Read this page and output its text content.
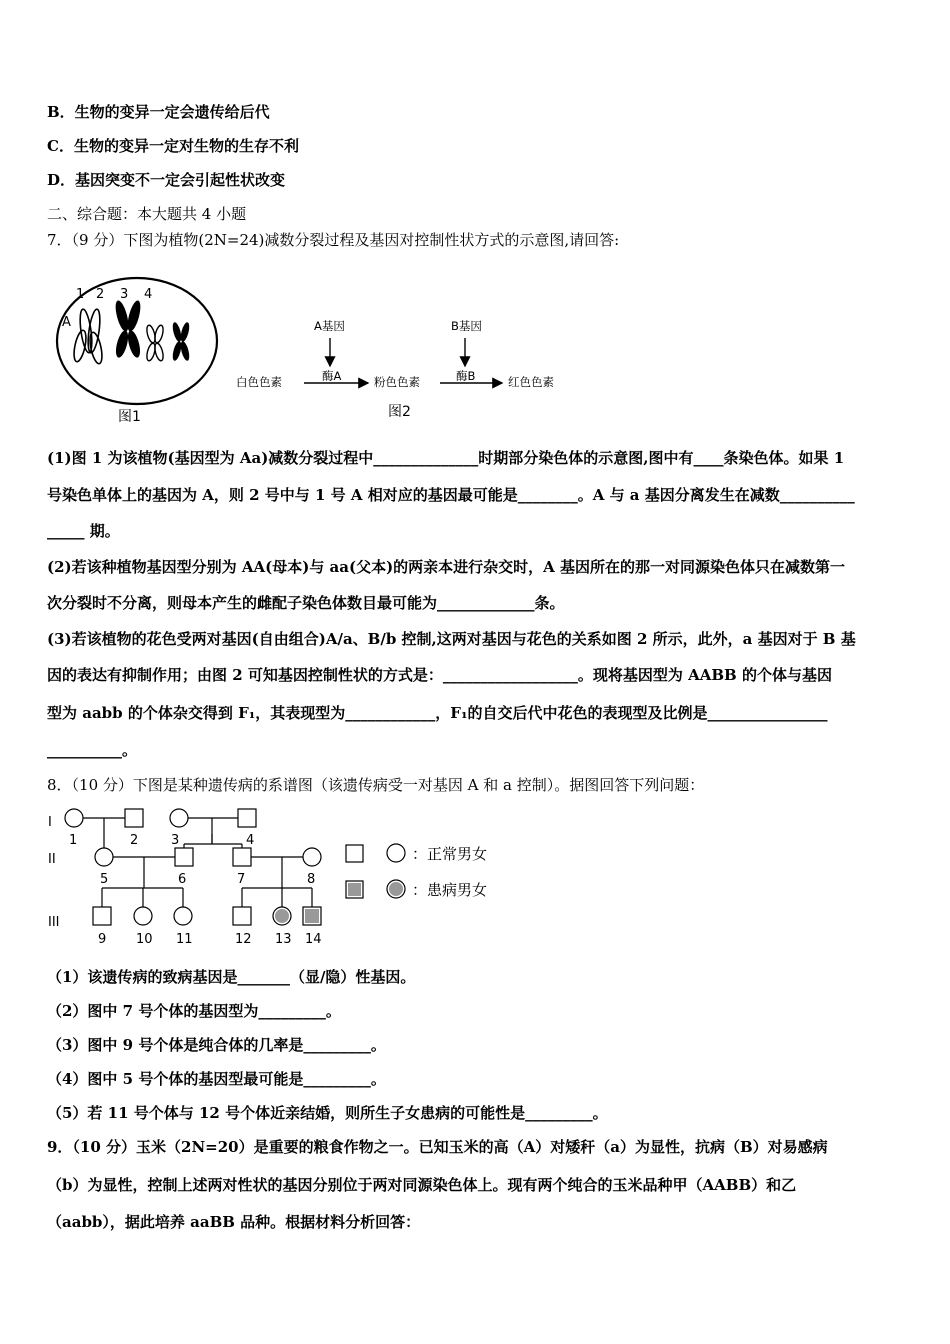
B．生物的变异一定会遗传给后代
C．生物的变异一定对生物的生存不利
D．基因突变不一定会引起性状改变
二、综合题：本大题共 4 小题
7．（9 分）下图为植物(2N=24)减数分裂过程及基因对控制性状方式的示意图,请回答:
A
1 2 3 4
图1
A基因	B基因
酶A	酶B
白色色素	粉色色素	红色色素
图2
(1)图 1 为该植物(基因型为 Aa)减数分裂过程中______________时期部分染色体的示意图,图中有____条染色体。如果 1
号染色单体上的基因为 A，则 2 号中与 1 号 A 相对应的基因最可能是________。A 与 a 基因分离发生在减数__________
_____ 期。
(2)若该种植物基因型分别为 AA(母本)与 aa(父本)的两亲本进行杂交时，A 基因所在的那一对同源染色体只在减数第一
次分裂时不分离，则母本产生的雌配子染色体数目最可能为_____________条。
(3)若该植物的花色受两对基因(自由组合)A/a、B/b 控制,这两对基因与花色的关系如图 2 所示，此外，a 基因对于 B 基
因的表达有抑制作用；由图 2 可知基因控制性状的方式是：__________________。现将基因型为 AABB 的个体与基因
型为 aabb 的个体杂交得到 F₁，其表现型为____________，F₁的自交后代中花色的表现型及比例是________________
__________。
8．（10 分）下图是某种遗传病的系谱图（该遗传病受一对基因 A 和 a 控制）。据图回答下列问题：
I
II
III
1	2	3	4
5	6	7	8
9 10 11	12 13 14
：正常男女
：患病男女
（1）该遗传病的致病基因是_______（显/隐）性基因。
（2）图中 7 号个体的基因型为_________。
（3）图中 9 号个体是纯合体的几率是_________。
（4）图中 5 号个体的基因型最可能是_________。
（5）若 11 号个体与 12 号个体近亲结婚，则所生子女患病的可能性是_________。
9．（10 分）玉米（2N=20）是重要的粮食作物之一。已知玉米的高（A）对矮秆（a）为显性，抗病（B）对易感病
（b）为显性，控制上述两对性状的基因分别位于两对同源染色体上。现有两个纯合的玉米品种甲（AABB）和乙
（aabb），据此培养 aaBB 品种。根据材料分析回答：
